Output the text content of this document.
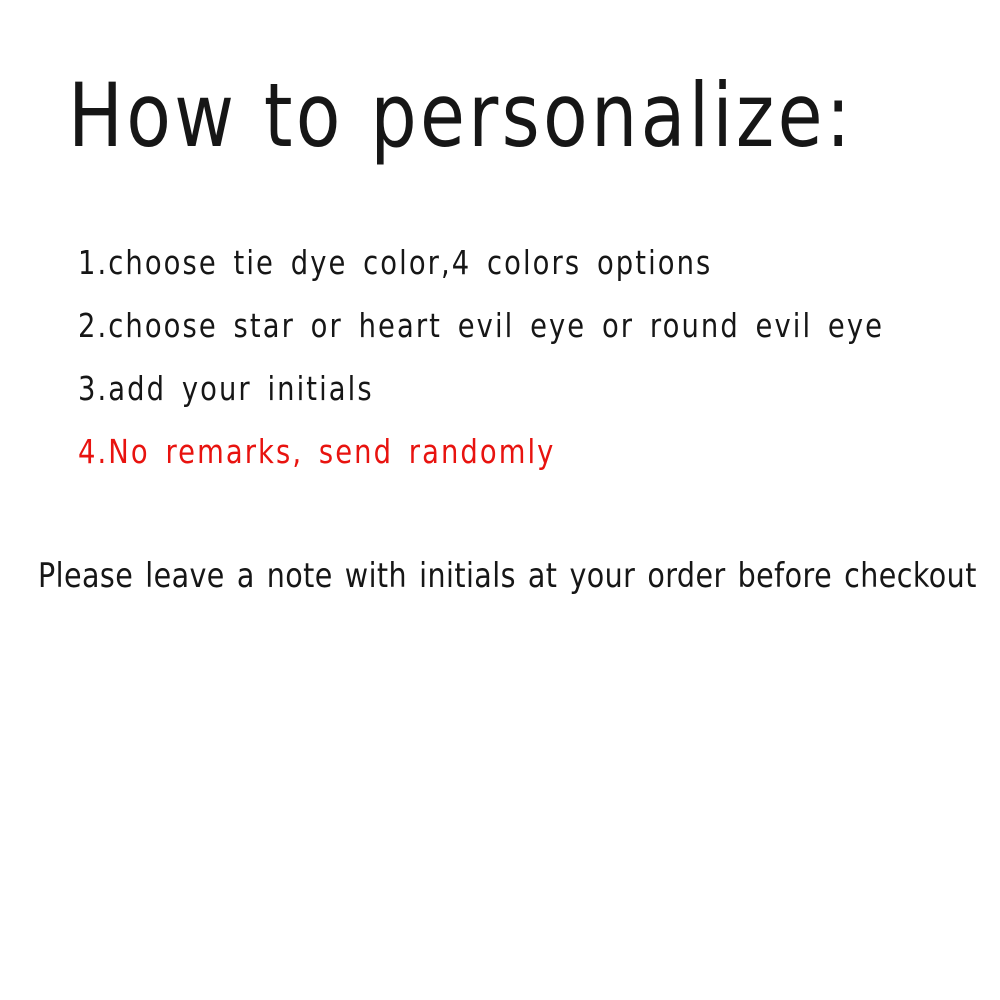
How to personalize:
1.choose tie dye color,4 colors options
2.choose star or heart evil eye or round evil eye
3.add your initials
4.No remarks, send randomly
Please leave a note with initials at your order before checkout
